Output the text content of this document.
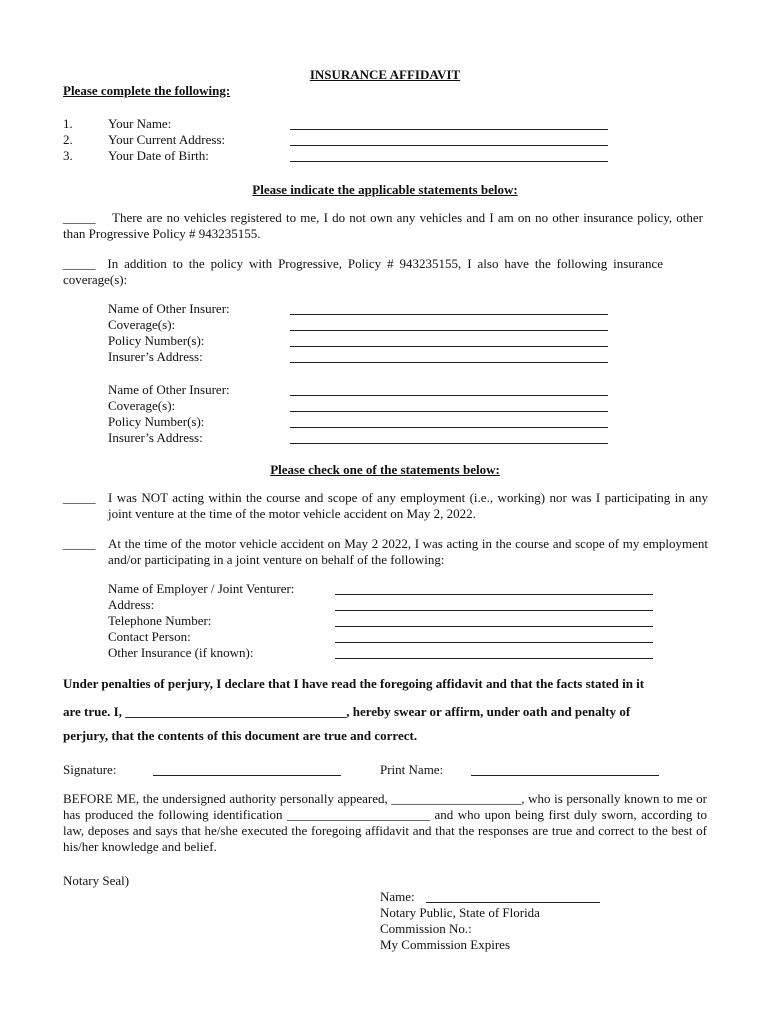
INSURANCE AFFIDAVIT
Please complete the following:
1.	Your Name:
2.	Your Current Address:
3.	Your Date of Birth:
Please indicate the applicable statements below:
_____ There are no vehicles registered to me, I do not own any vehicles and I am on no other insurance policy, other than Progressive Policy # 943235155.
_____ In addition to the policy with Progressive, Policy # 943235155, I also have the following insurance coverage(s):
Name of Other Insurer:
Coverage(s):
Policy Number(s):
Insurer’s Address:
Name of Other Insurer:
Coverage(s):
Policy Number(s):
Insurer’s Address:
Please check one of the statements below:
_____ I was NOT acting within the course and scope of any employment (i.e., working) nor was I participating in any joint venture at the time of the motor vehicle accident on May 2, 2022.
_____ At the time of the motor vehicle accident on May 2 2022, I was acting in the course and scope of my employment and/or participating in a joint venture on behalf of the following:
Name of Employer / Joint Venturer:
Address:
Telephone Number:
Contact Person:
Other Insurance (if known):
Under penalties of perjury, I declare that I have read the foregoing affidavit and that the facts stated in it
are true. I, __________________________________, hereby swear or affirm, under oath and penalty of
perjury, that the contents of this document are true and correct.
Signature:	Print Name:
BEFORE ME, the undersigned authority personally appeared, ____________________, who is personally known to me or has produced the following identification ______________________ and who upon being first duly sworn, according to law, deposes and says that he/she executed the foregoing affidavit and that the responses are true and correct to the best of his/her knowledge and belief.
Notary Seal)
Name:
Notary Public, State of Florida
Commission No.:
My Commission Expires
